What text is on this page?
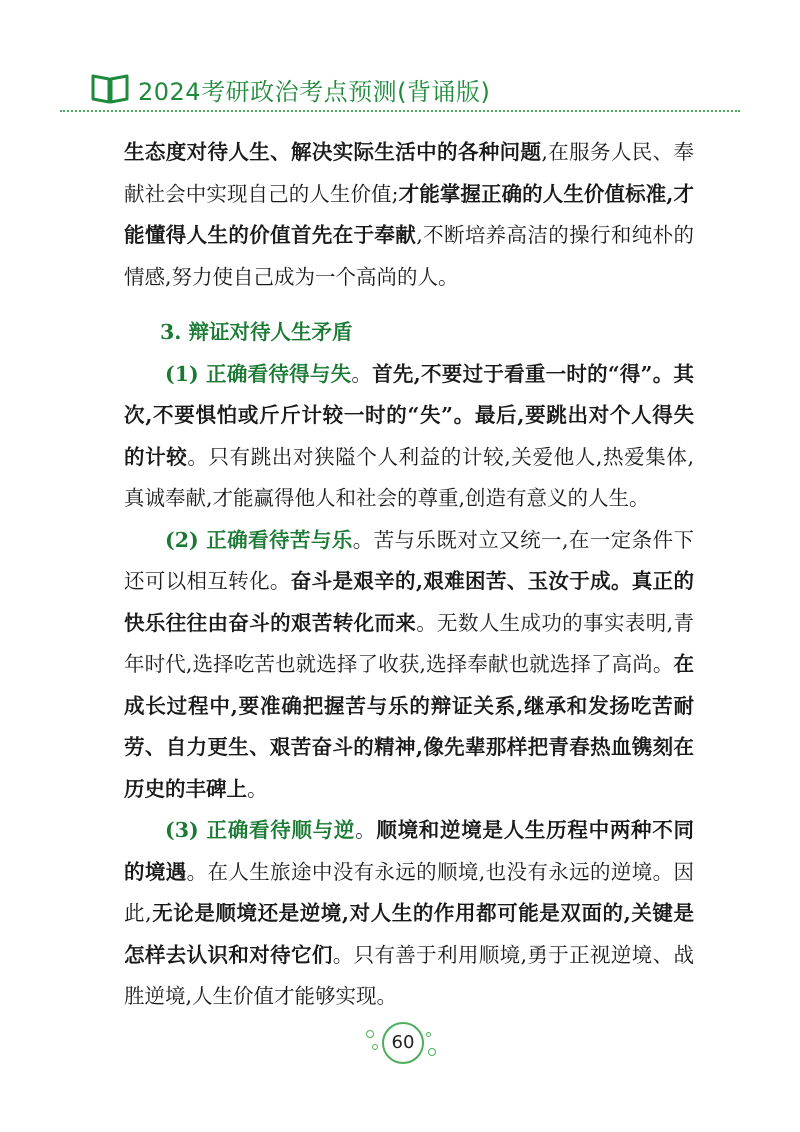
2024考研政治考点预测(背诵版)

生态度对待人生、解决实际生活中的各种问题,在服务人民、奉献社会中实现自己的人生价值;才能掌握正确的人生价值标准,才能懂得人生的价值首先在于奉献,不断培养高洁的操行和纯朴的情感,努力使自己成为一个高尚的人。

3. 辩证对待人生矛盾

(1) 正确看待得与失。首先,不要过于看重一时的“得”。其次,不要惧怕或斤斤计较一时的“失”。最后,要跳出对个人得失的计较。只有跳出对狭隘个人利益的计较,关爱他人,热爱集体,真诚奉献,才能赢得他人和社会的尊重,创造有意义的人生。

(2) 正确看待苦与乐。苦与乐既对立又统一,在一定条件下还可以相互转化。奋斗是艰辛的,艰难困苦、玉汝于成。真正的快乐往往由奋斗的艰苦转化而来。无数人生成功的事实表明,青年时代,选择吃苦也就选择了收获,选择奉献也就选择了高尚。在成长过程中,要准确把握苦与乐的辩证关系,继承和发扬吃苦耐劳、自力更生、艰苦奋斗的精神,像先辈那样把青春热血镌刻在历史的丰碑上。

(3) 正确看待顺与逆。顺境和逆境是人生历程中两种不同的境遇。在人生旅途中没有永远的顺境,也没有永远的逆境。因此,无论是顺境还是逆境,对人生的作用都可能是双面的,关键是怎样去认识和对待它们。只有善于利用顺境,勇于正视逆境、战胜逆境,人生价值才能够实现。

60
